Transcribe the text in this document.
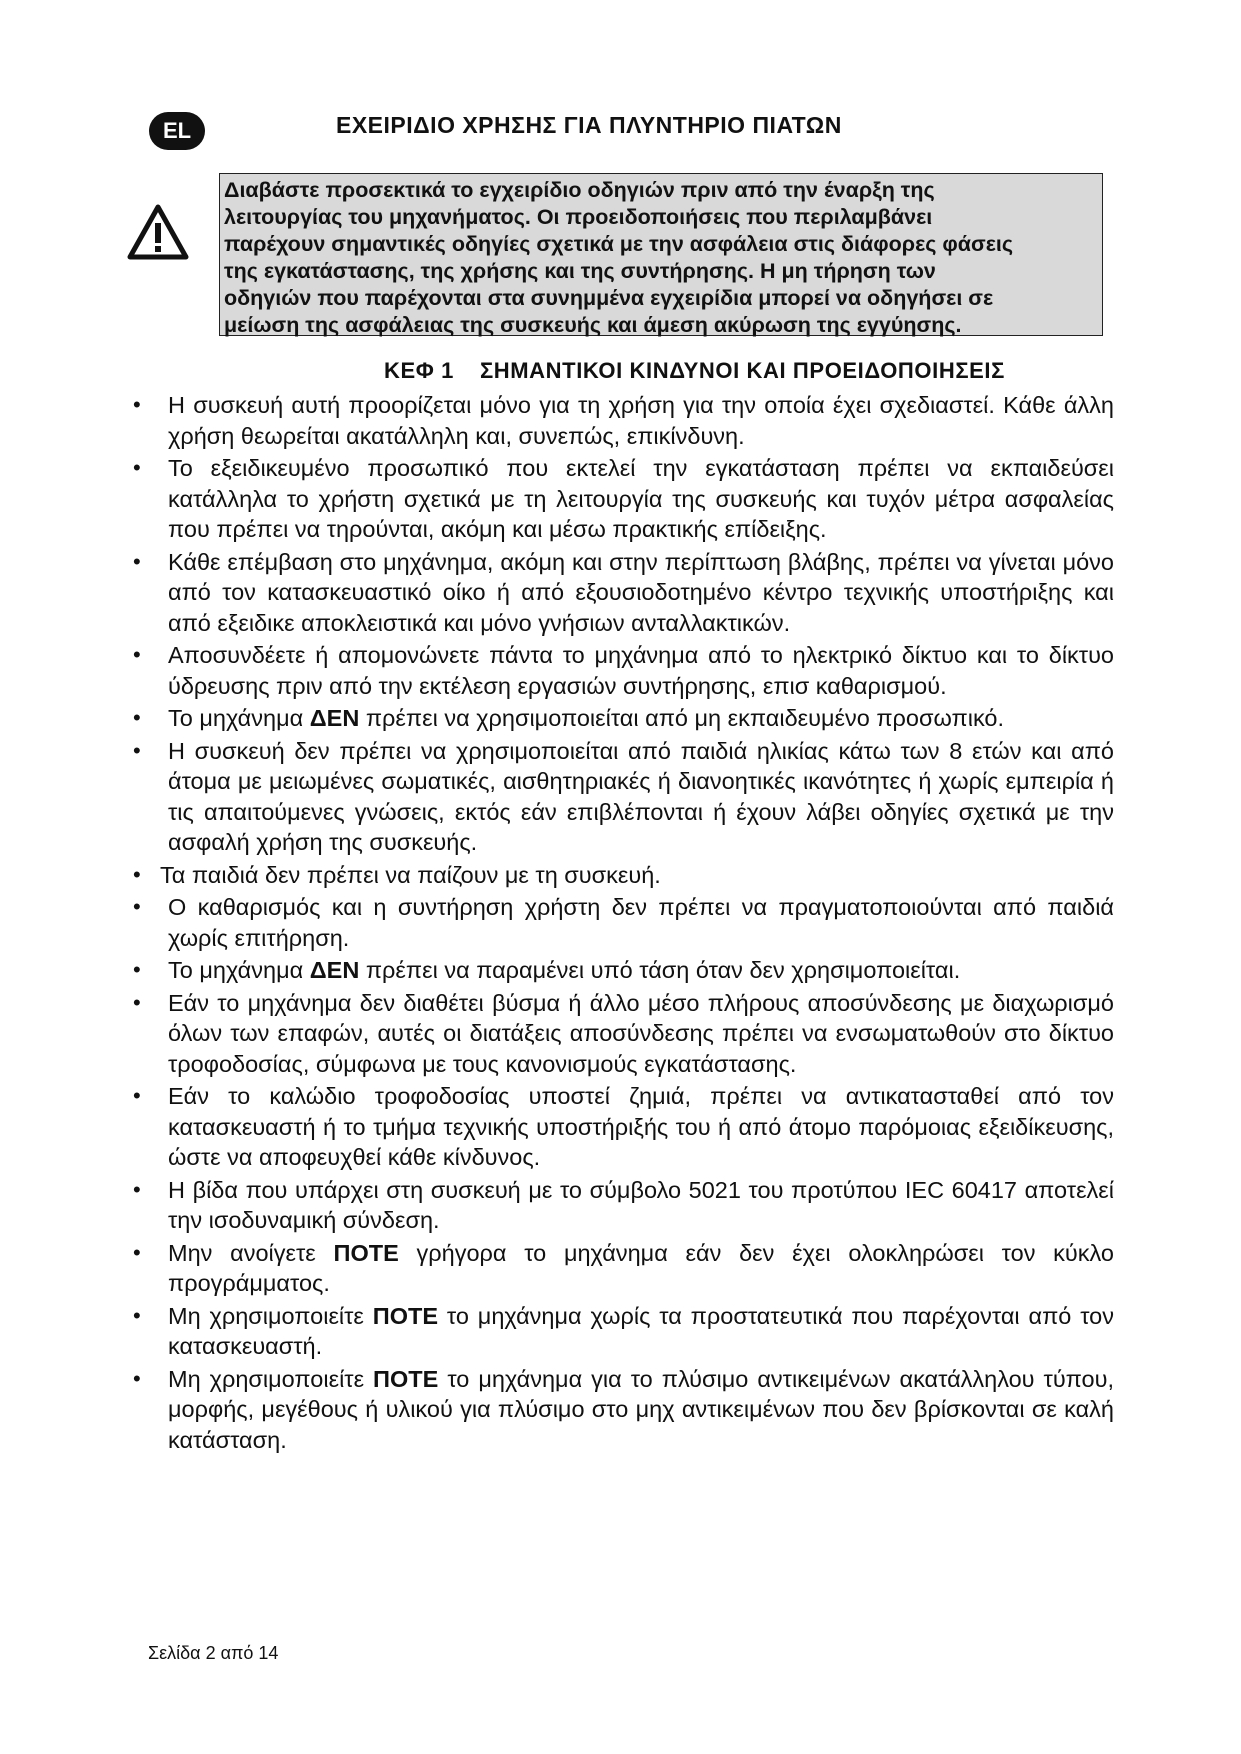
EL	ΕΧΕΙΡΙΔΙΟ ΧΡΗΣΗΣ ΓΙΑ ΠΛΥΝΤΗΡΙΟ ΠΙΑΤΩΝ

Διαβάστε προσεκτικά το εγχειρίδιο οδηγιών πριν από την έναρξη της

λειτουργίας του μηχανήματος. Οι προειδοποιήσεις που περιλαμβάνει

παρέχουν σημαντικές οδηγίες σχετικά με την ασφάλεια στις διάφορες φάσεις

της εγκατάστασης, της χρήσης και της συντήρησης. Η μη τήρηση των

οδηγιών που παρέχονται στα συνημμένα εγχειρίδια μπορεί να οδηγήσει σε

μείωση της ασφάλειας της συσκευής και άμεση ακύρωση της εγγύησης.

ΚΕΦ 1 ΣΗΜΑΝΤΙΚΟΙ ΚΙΝΔΥΝΟΙ ΚΑΙ ΠΡΟΕΙΔΟΠΟΙΗΣΕΙΣ
• Η συσκευή αυτή προορίζεται μόνο για τη χρήση για την οποία έχει σχεδιαστεί. Κάθε άλλη χρήση θεωρείται ακατάλληλη και, συνεπώς, επικίνδυνη.
• Το εξειδικευμένο προσωπικό που εκτελεί την εγκατάσταση πρέπει να εκπαιδεύσει κατάλληλα το χρήστη σχετικά με τη λειτουργία της συσκευής και τυχόν μέτρα ασφαλείας που πρέπει να τηρούνται, ακόμη και μέσω πρακτικής επίδειξης.
• Κάθε επέμβαση στο μηχάνημα, ακόμη και στην περίπτωση βλάβης, πρέπει να γίνεται μόνο από τον κατασκευαστικό οίκο ή από εξουσιοδοτημένο κέντρο τεχνικής υποστήριξης και από εξειδικε αποκλειστικά και μόνο γνήσιων ανταλλακτικών.
• Αποσυνδέετε ή απομονώνετε πάντα το μηχάνημα από το ηλεκτρικό δίκτυο και το δίκτυο ύδρευσης πριν από την εκτέλεση εργασιών συντήρησης, επισ καθαρισμού.
• Το μηχάνημα ΔΕΝ πρέπει να χρησιμοποιείται από μη εκπαιδευμένο προσωπικό.
• Η συσκευή δεν πρέπει να χρησιμοποιείται από παιδιά ηλικίας κάτω των 8 ετών και από άτομα με μειωμένες σωματικές, αισθητηριακές ή διανοητικές ικανότητες ή χωρίς εμπειρία ή τις απαιτούμενες γνώσεις, εκτός εάν επιβλέπονται ή έχουν λάβει οδηγίες σχετικά με την ασφαλή χρήση της συσκευής.
• Τα παιδιά δεν πρέπει να παίζουν με τη συσκευή.
• Ο καθαρισμός και η συντήρηση χρήστη δεν πρέπει να πραγματοποιούνται από παιδιά χωρίς επιτήρηση.
• Το μηχάνημα ΔΕΝ πρέπει να παραμένει υπό τάση όταν δεν χρησιμοποιείται.
• Εάν το μηχάνημα δεν διαθέτει βύσμα ή άλλο μέσο πλήρους αποσύνδεσης με διαχωρισμό όλων των επαφών, αυτές οι διατάξεις αποσύνδεσης πρέπει να ενσωματωθούν στο δίκτυο τροφοδοσίας, σύμφωνα με τους κανονισμούς εγκατάστασης.
• Εάν το καλώδιο τροφοδοσίας υποστεί ζημιά, πρέπει να αντικατασταθεί από τον κατασκευαστή ή το τμήμα τεχνικής υποστήριξής του ή από άτομο παρόμοιας εξειδίκευσης, ώστε να αποφευχθεί κάθε κίνδυνος.
• Η βίδα που υπάρχει στη συσκευή με το σύμβολο 5021 του προτύπου IEC 60417 αποτελεί την ισοδυναμική σύνδεση.
• Μην ανοίγετε ΠΟΤΕ γρήγορα το μηχάνημα εάν δεν έχει ολοκληρώσει τον κύκλο προγράμματος.
• Μη χρησιμοποιείτε ΠΟΤΕ το μηχάνημα χωρίς τα προστατευτικά που παρέχονται από τον κατασκευαστή.
• Μη χρησιμοποιείτε ΠΟΤΕ το μηχάνημα για το πλύσιμο αντικειμένων ακατάλληλου τύπου, μορφής, μεγέθους ή υλικού για πλύσιμο στο μηχ αντικειμένων που δεν βρίσκονται σε καλή κατάσταση.
Σελίδα 2 από 14
